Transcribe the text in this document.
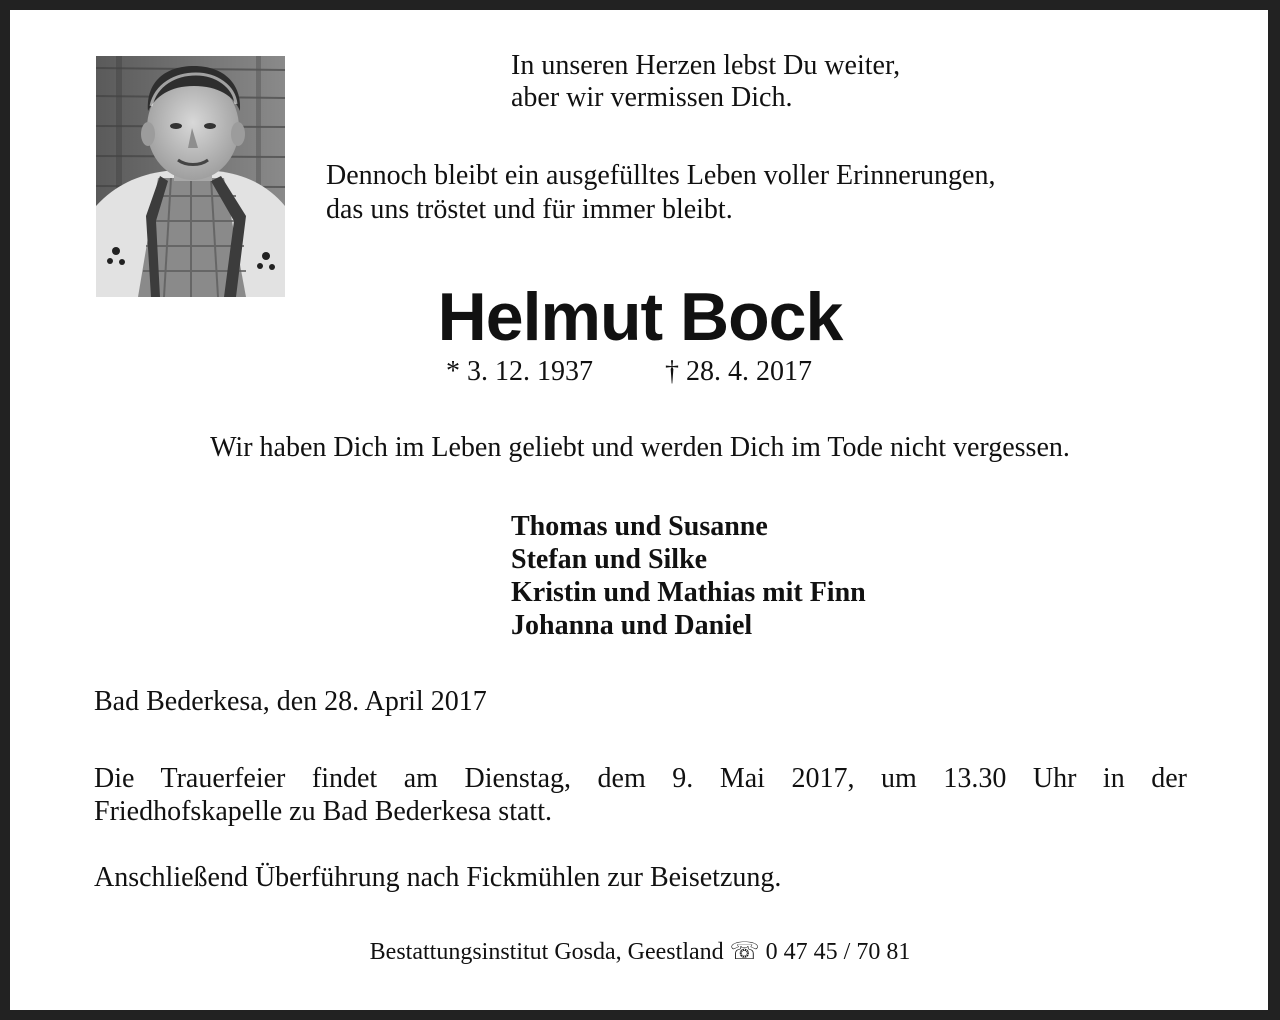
In unseren Herzen lebst Du weiter,
aber wir vermissen Dich.
Dennoch bleibt ein ausgefülltes Leben voller Erinnerungen,
das uns tröstet und für immer bleibt.
Helmut Bock
* 3. 12. 1937	† 28. 4. 2017
Wir haben Dich im Leben geliebt und werden Dich im Tode nicht vergessen.
Thomas und Susanne
Stefan und Silke
Kristin und Mathias mit Finn
Johanna und Daniel
Bad Bederkesa, den 28. April 2017
Die Trauerfeier findet am Dienstag, dem 9. Mai 2017, um 13.30 Uhr in der
Friedhofskapelle zu Bad Bederkesa statt.
Anschließend Überführung nach Fickmühlen zur Beisetzung.
Bestattungsinstitut Gosda, Geestland ☏ 0 47 45 / 70 81
